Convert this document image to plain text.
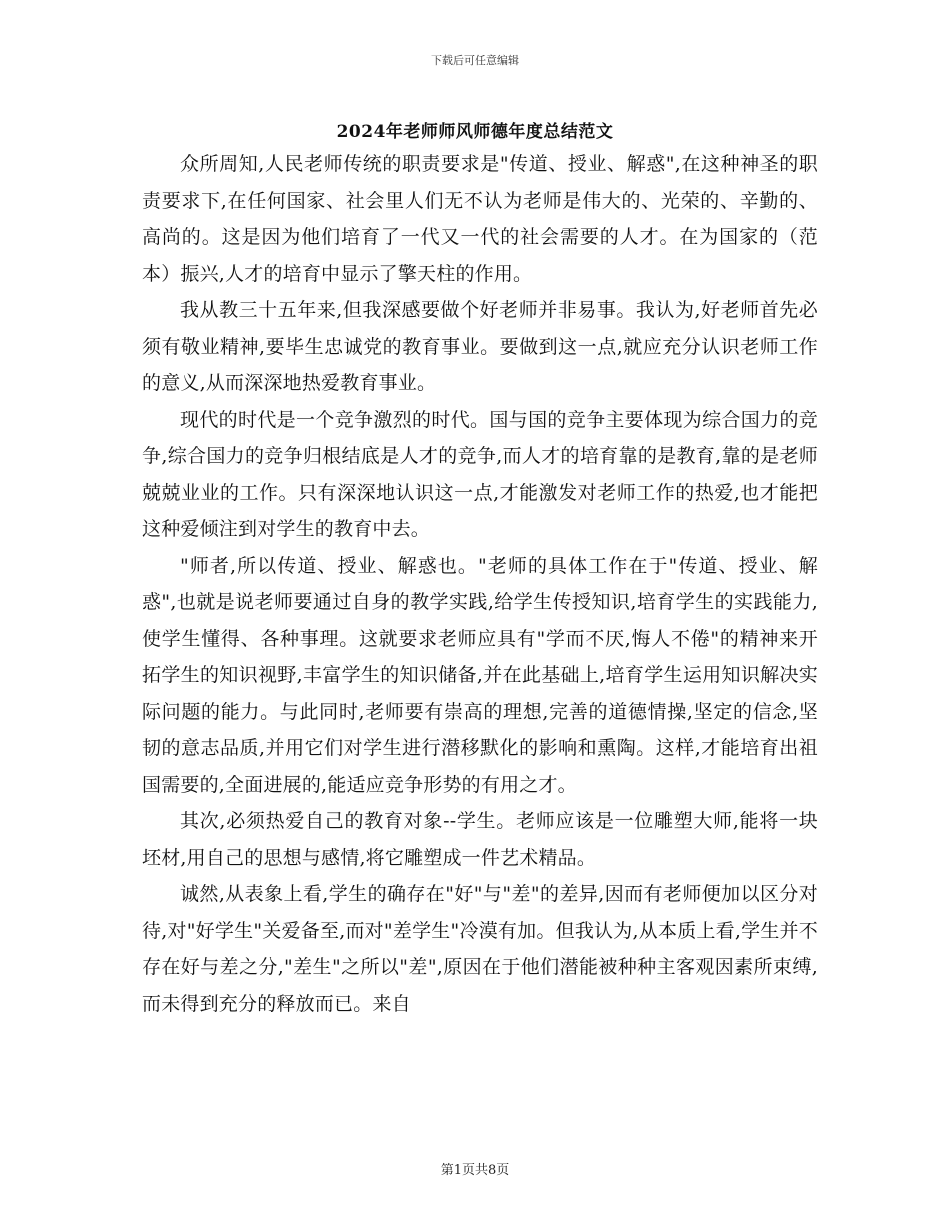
下载后可任意编辑
2024年老师师风师德年度总结范文

众所周知,人民老师传统的职责要求是"传道、授业、解惑",在这种神圣的职责要求下,在任何国家、社会里人们无不认为老师是伟大的、光荣的、辛勤的、高尚的。这是因为他们培育了一代又一代的社会需要的人才。在为国家的（范本）振兴,人才的培育中显示了擎天柱的作用。

我从教三十五年来,但我深感要做个好老师并非易事。我认为,好老师首先必须有敬业精神,要毕生忠诚党的教育事业。要做到这一点,就应充分认识老师工作的意义,从而深深地热爱教育事业。

现代的时代是一个竞争激烈的时代。国与国的竞争主要体现为综合国力的竞争,综合国力的竞争归根结底是人才的竞争,而人才的培育靠的是教育,靠的是老师兢兢业业的工作。只有深深地认识这一点,才能激发对老师工作的热爱,也才能把这种爱倾注到对学生的教育中去。

"师者,所以传道、授业、解惑也。"老师的具体工作在于"传道、授业、解惑",也就是说老师要通过自身的教学实践,给学生传授知识,培育学生的实践能力,使学生懂得、各种事理。这就要求老师应具有"学而不厌,悔人不倦"的精神来开拓学生的知识视野,丰富学生的知识储备,并在此基础上,培育学生运用知识解决实际问题的能力。与此同时,老师要有崇高的理想,完善的道德情操,坚定的信念,坚韧的意志品质,并用它们对学生进行潜移默化的影响和熏陶。这样,才能培育出祖国需要的,全面进展的,能适应竞争形势的有用之才。

其次,必须热爱自己的教育对象--学生。老师应该是一位雕塑大师,能将一块坯材,用自己的思想与感情,将它雕塑成一件艺术精品。

诚然,从表象上看,学生的确存在"好"与"差"的差异,因而有老师便加以区分对待,对"好学生"关爱备至,而对"差学生"冷漠有加。但我认为,从本质上看,学生并不存在好与差之分,"差生"之所以"差",原因在于他们潜能被种种主客观因素所束缚,而未得到充分的释放而已。来自

第1页共8页
